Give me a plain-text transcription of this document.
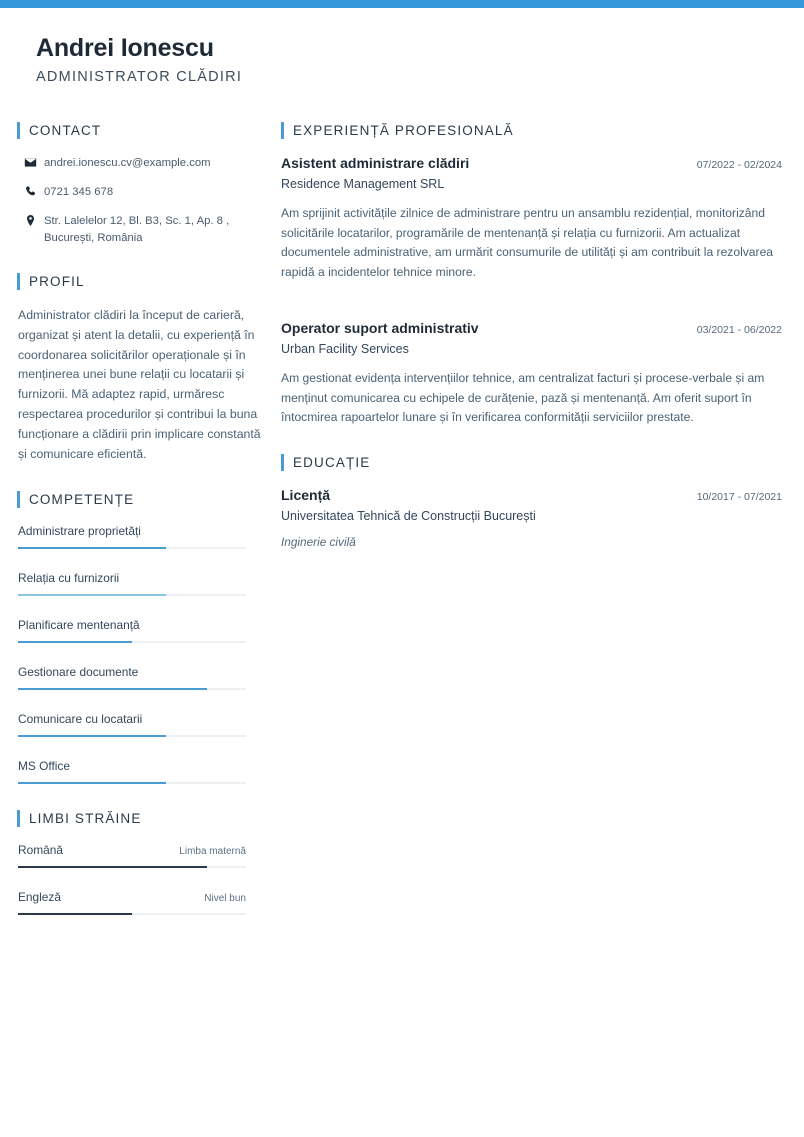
Andrei Ionescu
ADMINISTRATOR CLĂDIRI
CONTACT
andrei.ionescu.cv@example.com
0721 345 678
Str. Lalelelor 12, Bl. B3, Sc. 1, Ap. 8 , București, România
PROFIL
Administrator clădiri la început de carieră, organizat și atent la detalii, cu experiență în coordonarea solicitărilor operaționale și în menținerea unei bune relații cu locatarii și furnizorii. Mă adaptez rapid, urmăresc respectarea procedurilor și contribui la buna funcționare a clădirii prin implicare constantă și comunicare eficientă.
COMPETENȚE
Administrare proprietăți
Relația cu furnizorii
Planificare mentenanță
Gestionare documente
Comunicare cu locatarii
MS Office
LIMBI STRĂINE
Română	Limba maternă
Engleză	Nivel bun
EXPERIENȚĂ PROFESIONALĂ
Asistent administrare clădiri	07/2022 - 02/2024
Residence Management SRL
Am sprijinit activitățile zilnice de administrare pentru un ansamblu rezidențial, monitorizând solicitările locatarilor, programările de mentenanță și relația cu furnizorii. Am actualizat documentele administrative, am urmărit consumurile de utilități și am contribuit la rezolvarea rapidă a incidentelor tehnice minore.
Operator suport administrativ	03/2021 - 06/2022
Urban Facility Services
Am gestionat evidența intervențiilor tehnice, am centralizat facturi și procese-verbale și am menținut comunicarea cu echipele de curățenie, pază și mentenanță. Am oferit suport în întocmirea rapoartelor lunare și în verificarea conformității serviciilor prestate.
EDUCAȚIE
Licență	10/2017 - 07/2021
Universitatea Tehnică de Construcții București
Inginerie civilă
